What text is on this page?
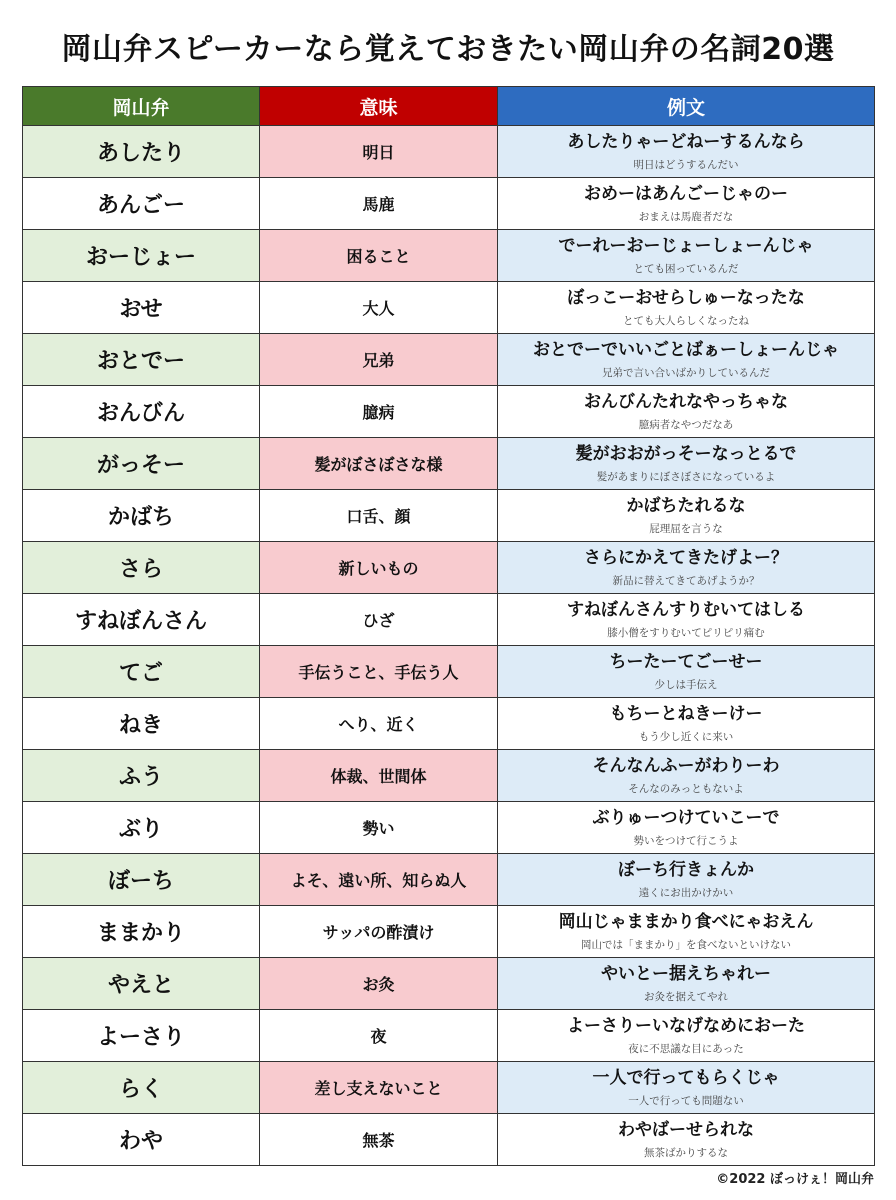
岡山弁スピーカーなら覚えておきたい岡山弁の名詞20選
岡山弁	意味	例文
あしたり	明日	あしたりゃーどねーするんなら
明日はどうするんだい

あんごー	馬鹿	おめーはあんごーじゃのー
おまえは馬鹿者だな

おーじょー	困ること	でーれーおーじょーしょーんじゃ
とても困っているんだ

おせ	大人	ぼっこーおせらしゅーなったな
とても大人らしくなったね

おとでー	兄弟	おとでーでいいごとばぁーしょーんじゃ
兄弟で言い合いばかりしているんだ

おんびん	臆病	おんびんたれなやっちゃな
臆病者なやつだなあ

がっそー	髪がぼさぼさな様	髪がおおがっそーなっとるで
髪があまりにぼさぼさになっているよ

かばち	口舌、顔	かばちたれるな
屁理屈を言うな

さら	新しいもの	さらにかえてきたげよー？
新品に替えてきてあげようか？

すねぼんさん	ひざ	すねぼんさんすりむいてはしる
膝小僧をすりむいてピリピリ痛む

てご	手伝うこと、手伝う人	ちーたーてごーせー
少しは手伝え

ねき	へり、近く	もちーとねきーけー
もう少し近くに来い

ふう	体裁、世間体	そんなんふーがわりーわ
そんなのみっともないよ

ぶり	勢い	ぶりゅーつけていこーで
勢いをつけて行こうよ

ぼーち	よそ、遠い所、知らぬ人	ぼーち行きょんか
遠くにお出かけかい

ままかり	サッパの酢漬け	岡山じゃままかり食べにゃおえん
岡山では「ままかり」を食べないといけない

やえと	お灸	やいとー据えちゃれー
お灸を据えてやれ

よーさり	夜	よーさりーいなげなめにおーた
夜に不思議な目にあった

らく	差し支えないこと	一人で行ってもらくじゃ
一人で行っても問題ない

わや	無茶	わやばーせられな
無茶ばかりするな
©2022 ぼっけぇ！岡山弁
